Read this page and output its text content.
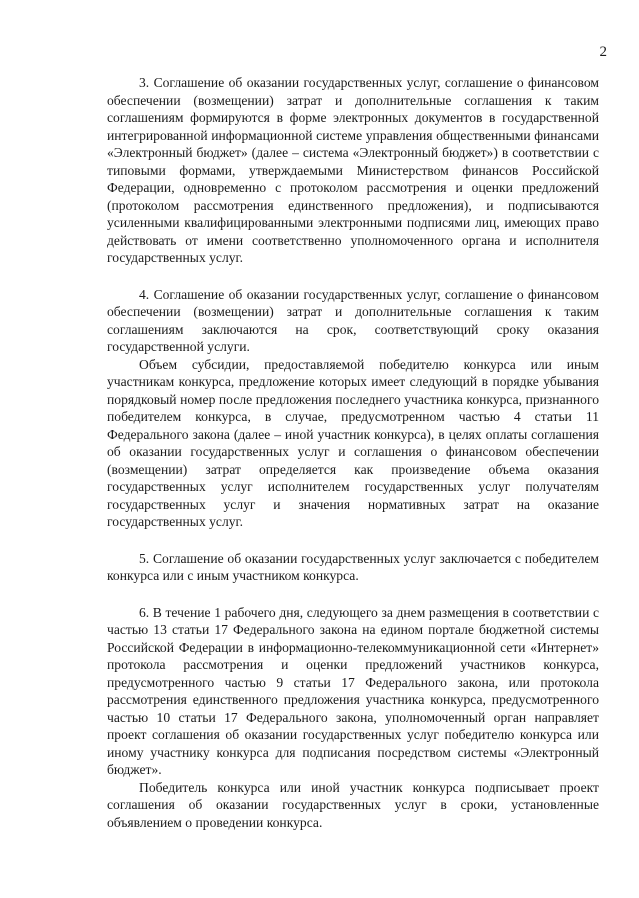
2

3. Соглашение об оказании государственных услуг, соглашение о финансовом обеспечении (возмещении) затрат и дополнительные соглашения к таким соглашениям формируются в форме электронных документов в государственной интегрированной информационной системе управления общественными финансами «Электронный бюджет» (далее – система «Электронный бюджет») в соответствии с типовыми формами, утверждаемыми Министерством финансов Российской Федерации, одновременно с протоколом рассмотрения и оценки предложений (протоколом рассмотрения единственного предложения), и подписываются усиленными квалифицированными электронными подписями лиц, имеющих право действовать от имени соответственно уполномоченного органа и исполнителя государственных услуг.

4. Соглашение об оказании государственных услуг, соглашение о финансовом обеспечении (возмещении) затрат и дополнительные соглашения к таким соглашениям заключаются на срок, соответствующий сроку оказания государственной услуги.

Объем субсидии, предоставляемой победителю конкурса или иным участникам конкурса, предложение которых имеет следующий в порядке убывания порядковый номер после предложения последнего участника конкурса, признанного победителем конкурса, в случае, предусмотренном частью 4 статьи 11 Федерального закона (далее – иной участник конкурса), в целях оплаты соглашения об оказании государственных услуг и соглашения о финансовом обеспечении (возмещении) затрат определяется как произведение объема оказания государственных услуг исполнителем государственных услуг получателям государственных услуг и значения нормативных затрат на оказание государственных услуг.

5. Соглашение об оказании государственных услуг заключается с победителем конкурса или с иным участником конкурса.

6. В течение 1 рабочего дня, следующего за днем размещения в соответствии с частью 13 статьи 17 Федерального закона на едином портале бюджетной системы Российской Федерации в информационно-телекоммуникационной сети «Интернет» протокола рассмотрения и оценки предложений участников конкурса, предусмотренного частью 9 статьи 17 Федерального закона, или протокола рассмотрения единственного предложения участника конкурса, предусмотренного частью 10 статьи 17 Федерального закона, уполномоченный орган направляет проект соглашения об оказании государственных услуг победителю конкурса или иному участнику конкурса для подписания посредством системы «Электронный бюджет».

Победитель конкурса или иной участник конкурса подписывает проект соглашения об оказании государственных услуг в сроки, установленные объявлением о проведении конкурса.
